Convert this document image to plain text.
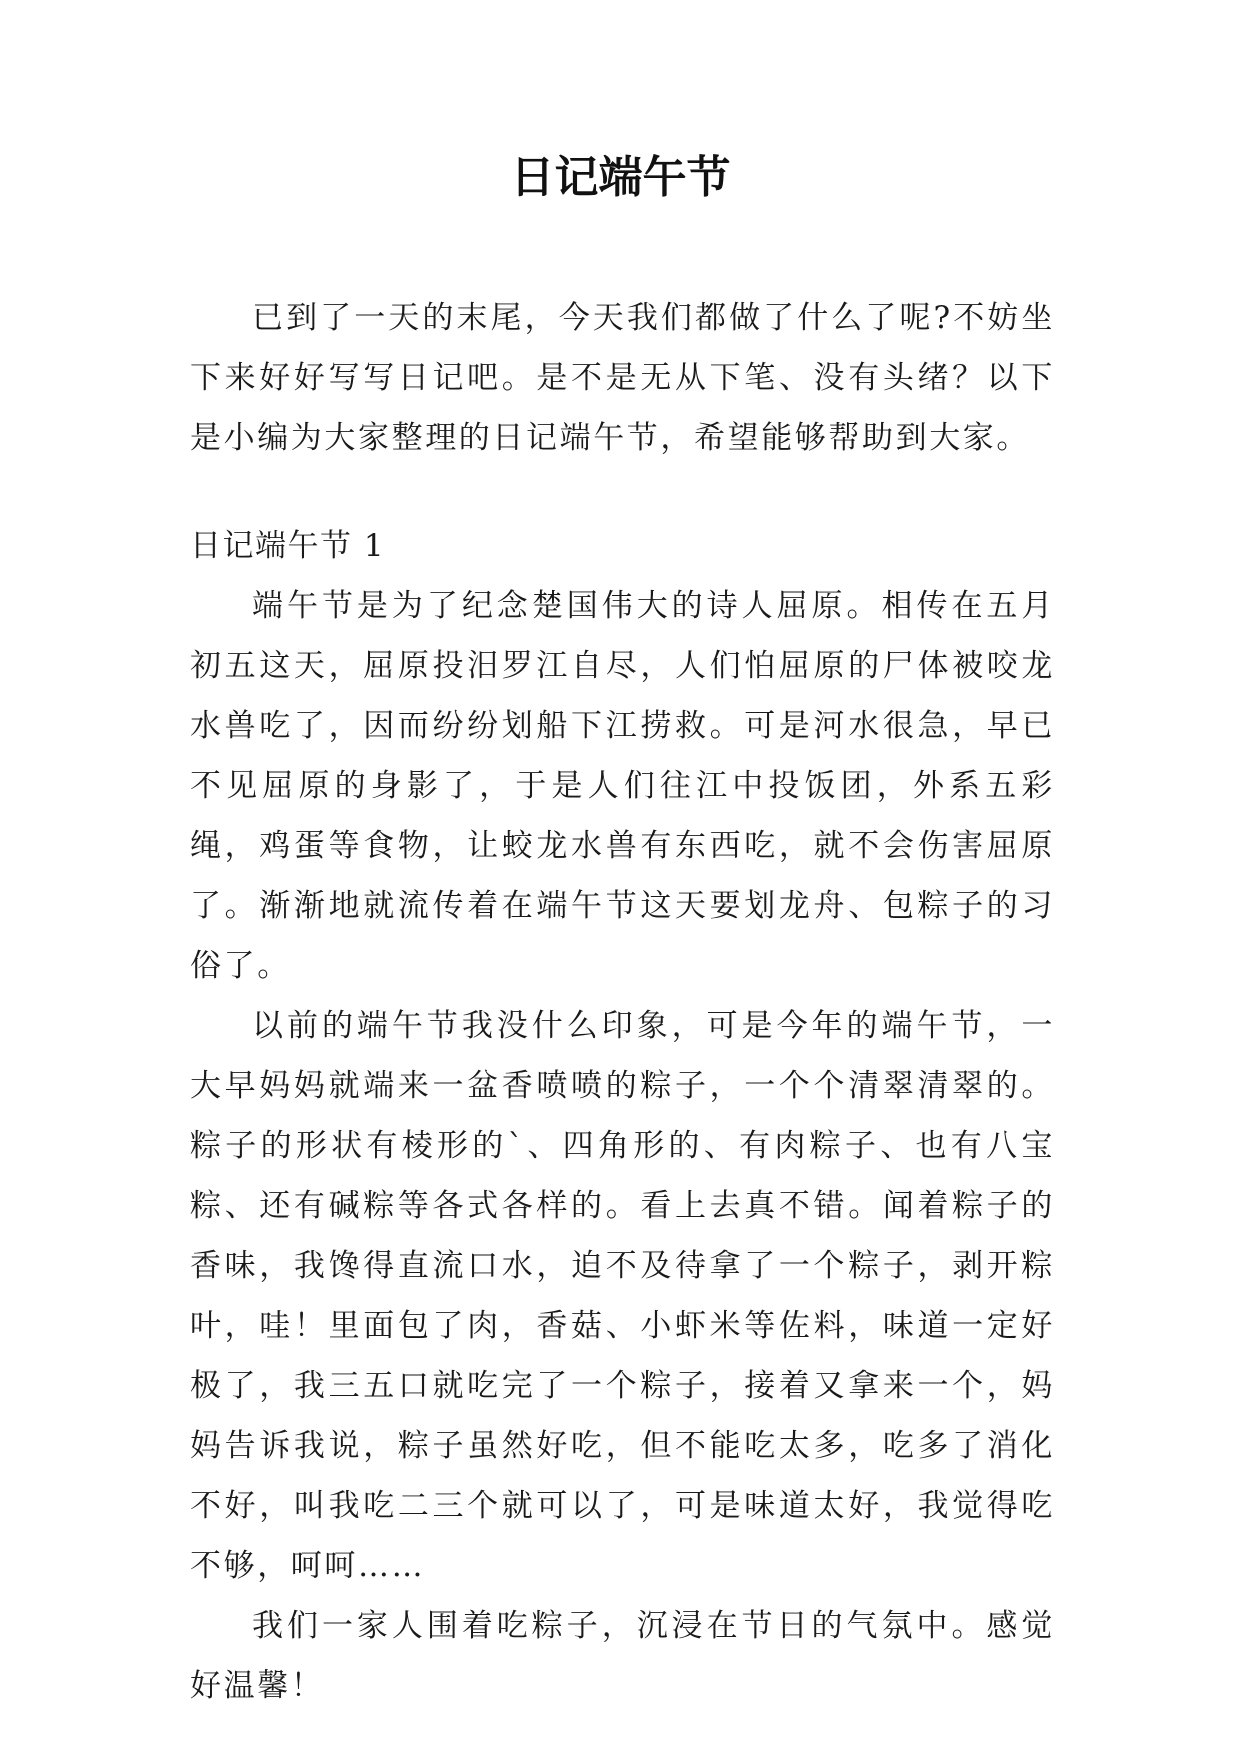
日记端午节

已到了一天的末尾，今天我们都做了什么了呢?不妨坐下来好好写写日记吧。是不是无从下笔、没有头绪？以下是小编为大家整理的日记端午节，希望能够帮助到大家。

日记端午节 1

端午节是为了纪念楚国伟大的诗人屈原。相传在五月初五这天，屈原投汨罗江自尽，人们怕屈原的尸体被咬龙水兽吃了，因而纷纷划船下江捞救。可是河水很急，早已不见屈原的身影了，于是人们往江中投饭团，外系五彩绳，鸡蛋等食物，让蛟龙水兽有东西吃，就不会伤害屈原了。渐渐地就流传着在端午节这天要划龙舟、包粽子的习俗了。

以前的端午节我没什么印象，可是今年的端午节，一大早妈妈就端来一盆香喷喷的粽子，一个个清翠清翠的。粽子的形状有棱形的`、四角形的、有肉粽子、也有八宝粽、还有碱粽等各式各样的。看上去真不错。闻着粽子的香味，我馋得直流口水，迫不及待拿了一个粽子，剥开粽叶，哇！里面包了肉，香菇、小虾米等佐料，味道一定好极了，我三五口就吃完了一个粽子，接着又拿来一个，妈妈告诉我说，粽子虽然好吃，但不能吃太多，吃多了消化不好，叫我吃二三个就可以了，可是味道太好，我觉得吃不够，呵呵……

我们一家人围着吃粽子，沉浸在节日的气氛中。感觉好温馨！
